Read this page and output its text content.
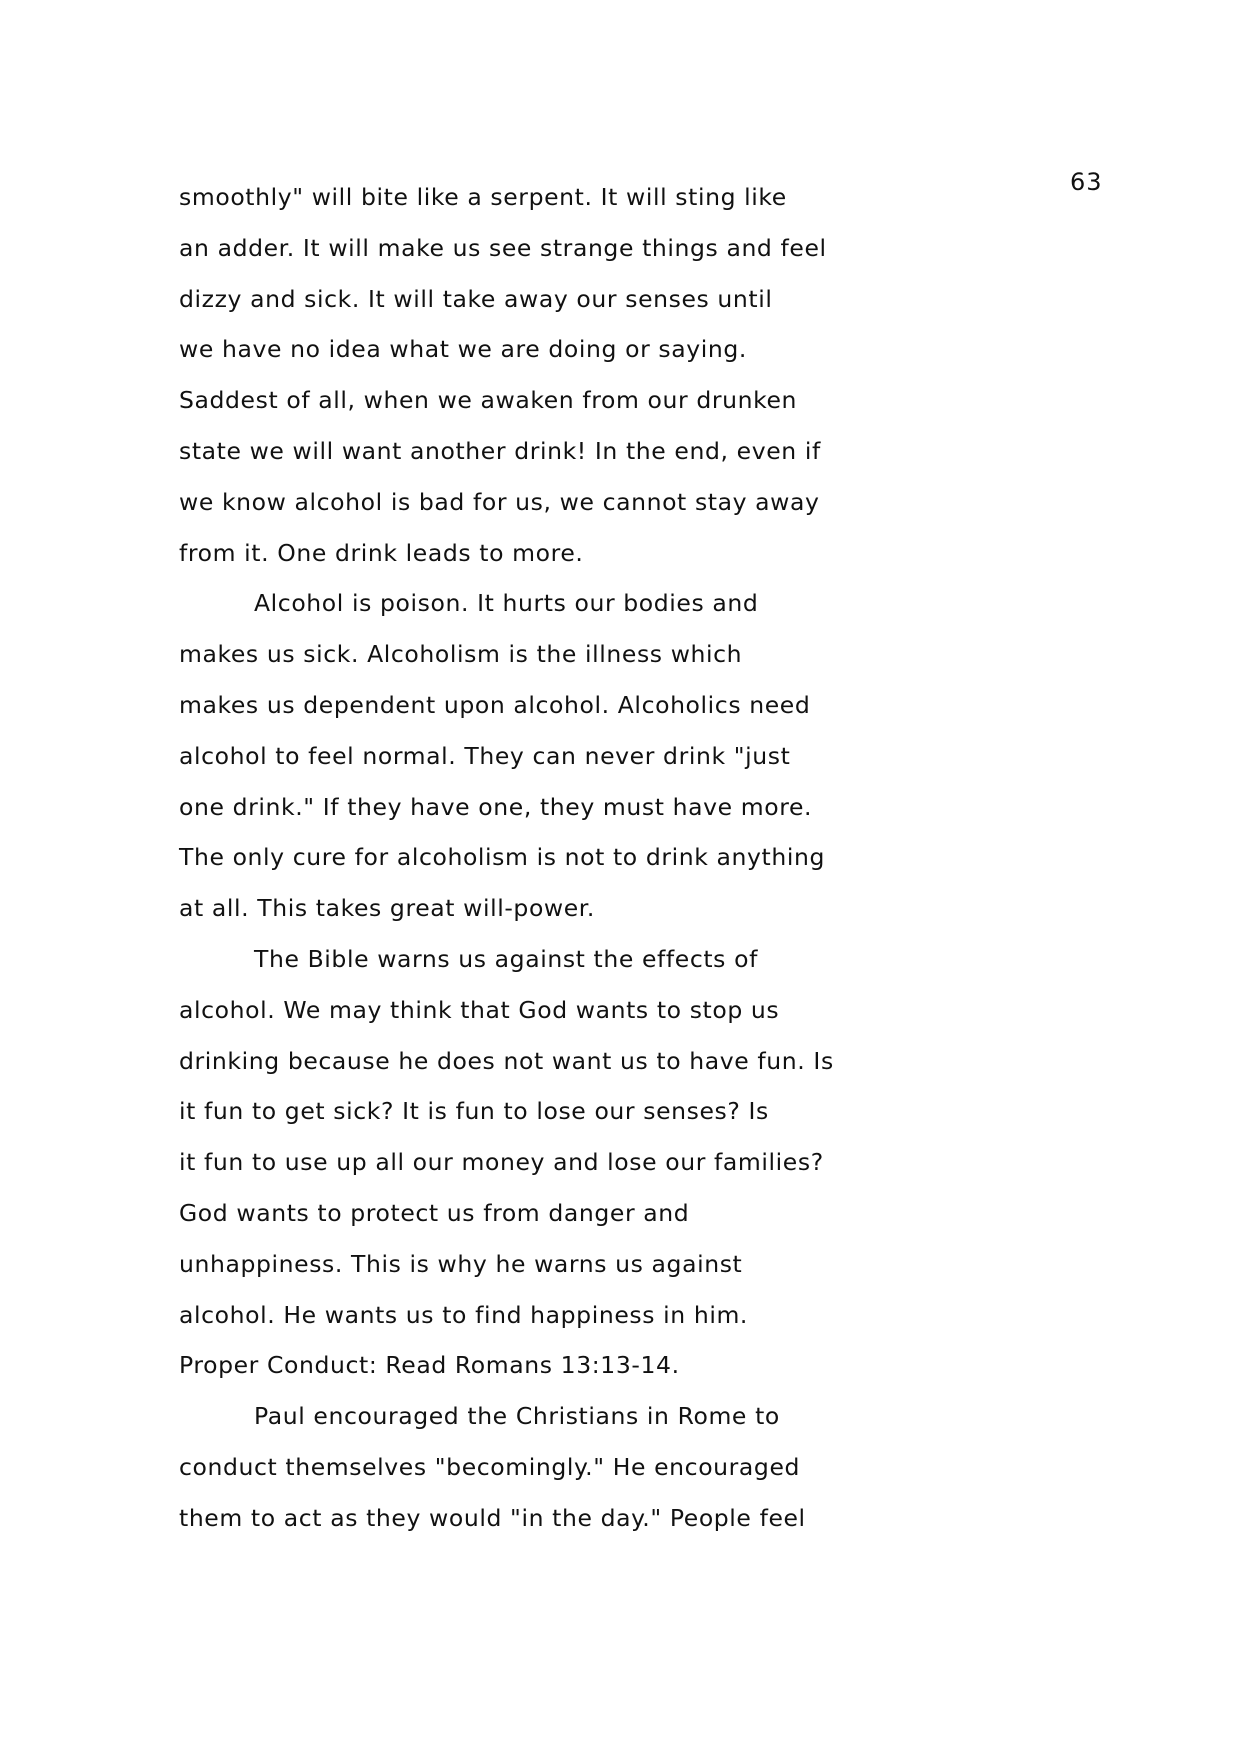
63
smoothly" will bite like a serpent. It will sting like
an adder. It will make us see strange things and feel
dizzy and sick. It will take away our senses until
we have no idea what we are doing or saying.
Saddest of all, when we awaken from our drunken
state we will want another drink! In the end, even if
we know alcohol is bad for us, we cannot stay away
from it. One drink leads to more.
Alcohol is poison. It hurts our bodies and
makes us sick. Alcoholism is the illness which
makes us dependent upon alcohol. Alcoholics need
alcohol to feel normal. They can never drink "just
one drink." If they have one, they must have more.
The only cure for alcoholism is not to drink anything
at all. This takes great will-power.
The Bible warns us against the effects of
alcohol. We may think that God wants to stop us
drinking because he does not want us to have fun. Is
it fun to get sick? It is fun to lose our senses? Is
it fun to use up all our money and lose our families?
God wants to protect us from danger and
unhappiness. This is why he warns us against
alcohol. He wants us to find happiness in him.
Proper Conduct: Read Romans 13:13-14.
Paul encouraged the Christians in Rome to
conduct themselves "becomingly." He encouraged
them to act as they would "in the day." People feel
